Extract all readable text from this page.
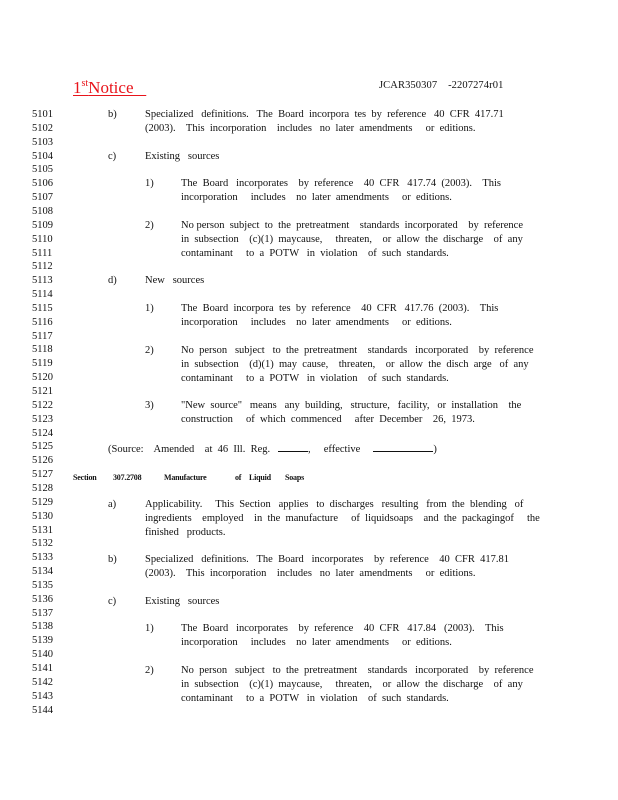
1stNotice	JCAR350307    -2207274r01
5101
5102
5103
5104
5105
5106
5107
5108
5109
5110
5111
5112
5113
5114
5115
5116
5117
5118
5119
5120
5121
5122
5123
5124
5125
5126
5127
5128
5129
5130
5131
5132
5133
5134
5135
5136
5137
5138
5139
5140
5141
5142
5143
5144
b)	Specialized   definitions.   The  Board  incorpora  tes  by  reference   40  CFR  417.71
(2003).    This  incorporation    includes   no  later  amendments     or  editions.
c)	Existing   sources
1)	The  Board   incorporates    by  reference    40  CFR   417.74  (2003).    This
incorporation     includes    no  later  amendments     or  editions.
2)	No person  subject  to  the  pretreatment    standards  incorporated    by  reference
in  subsection    (c)(1)  maycause,     threaten,    or  allow  the  discharge    of  any
contaminant     to  a  POTW   in  violation    of  such  standards.
d)	New   sources
1)	The  Board  incorpora  tes  by  reference    40  CFR   417.76  (2003).    This
incorporation     includes    no  later  amendments     or  editions.
2)	No  person   subject   to  the  pretreatment    standards   incorporated    by  reference
in  subsection    (d)(1)  may  cause,    threaten,    or  allow  the  disch  arge   of  any
contaminant     to  a  POTW   in  violation    of  such  standards.
3)	"New  source"   means   any  building,   structure,   facility,   or  installation    the
construction     of  which  commenced     after  December    26,  1973.
(Source:    Amended    at  46  Ill.  Reg.	,     effective	)
Section 307.2708	Manufacture	of Liquid Soaps
a)	Applicability.     This  Section   applies   to  discharges   resulting   from  the  blending   of
ingredients    employed    in  the  manufacture     of  liquidsoaps    and  the  packagingof     the
finished   products.
b)	Specialized   definitions.   The  Board   incorporates    by  reference    40  CFR  417.81
(2003).    This  incorporation    includes   no  later  amendments     or  editions.
c)	Existing   sources
1)	The  Board   incorporates    by  reference    40  CFR   417.84   (2003).    This
incorporation     includes    no  later  amendments     or  editions.
2)	No  person   subject   to  the  pretreatment    standards   incorporated    by  reference
in  subsection    (c)(1)  maycause,     threaten,    or  allow  the  discharge    of  any
contaminant     to  a  POTW   in  violation    of  such  standards.
